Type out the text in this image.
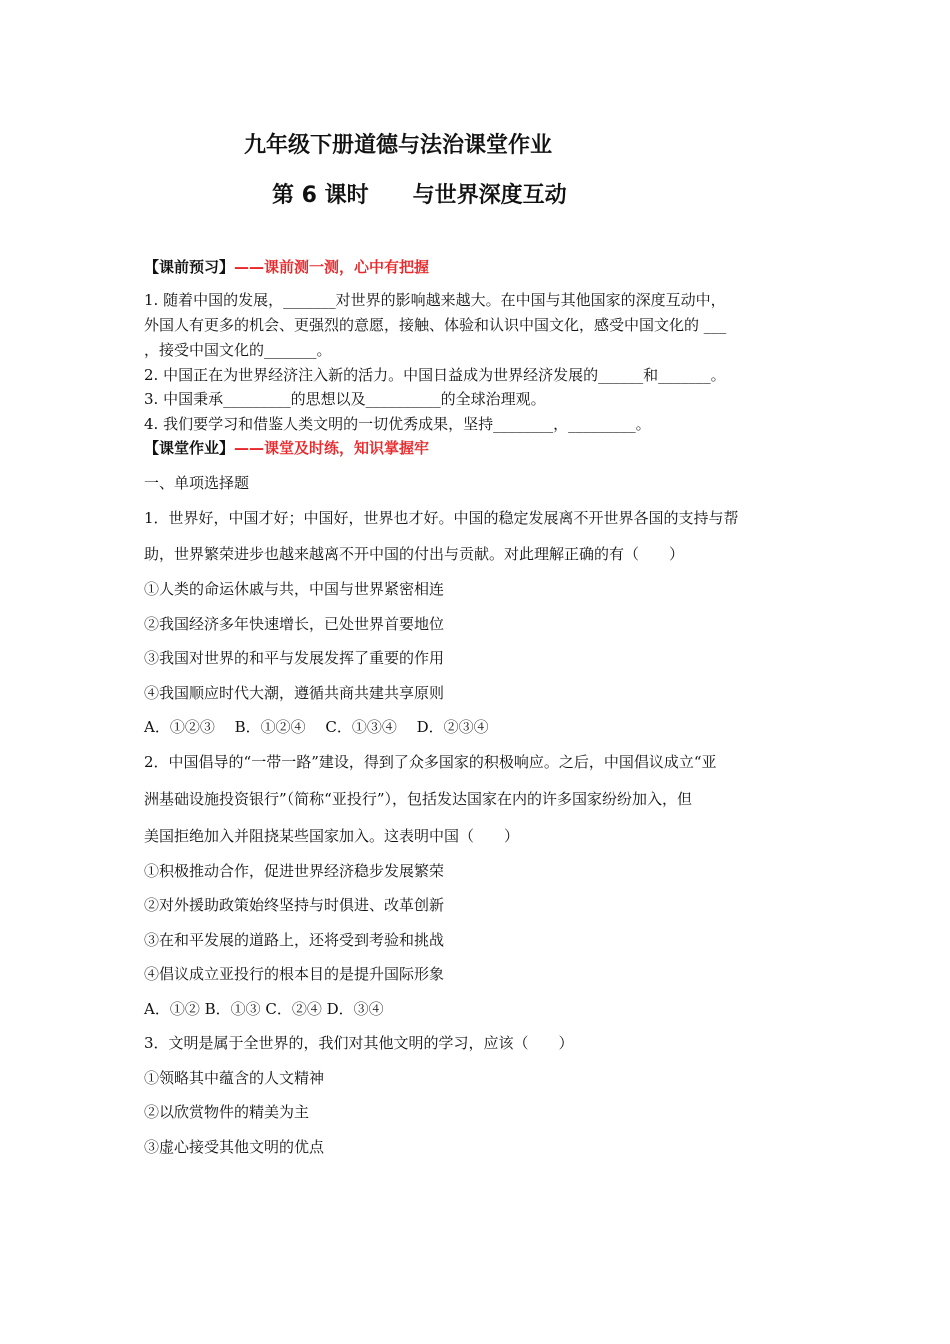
九年级下册道德与法治课堂作业
第 6 课时 与世界深度互动
【课前预习】——课前测一测，心中有把握
1. 随着中国的发展，_______对世界的影响越来越大。在中国与其他国家的深度互动中，
外国人有更多的机会、更强烈的意愿，接触、体验和认识中国文化，感受中国文化的 ___
，接受中国文化的_______。
2. 中国正在为世界经济注入新的活力。中国日益成为世界经济发展的______和_______。
3. 中国秉承_________的思想以及__________的全球治理观。
4. 我们要学习和借鉴人类文明的一切优秀成果，坚持________，_________。
【课堂作业】——课堂及时练，知识掌握牢
一、单项选择题
1．世界好，中国才好；中国好，世界也才好。中国的稳定发展离不开世界各国的支持与帮
助，世界繁荣进步也越来越离不开中国的付出与贡献。对此理解正确的有（　　）
①人类的命运休戚与共，中国与世界紧密相连
②我国经济多年快速增长，已处世界首要地位
③我国对世界的和平与发展发挥了重要的作用
④我国顺应时代大潮，遵循共商共建共享原则
A．①②③　 B．①②④　 C．①③④　 D．②③④
2．中国倡导的“一带一路”建设，得到了众多国家的积极响应。之后，中国倡议成立“亚
洲基础设施投资银行”（简称“亚投行”），包括发达国家在内的许多国家纷纷加入，但
美国拒绝加入并阻挠某些国家加入。这表明中国（　　）
①积极推动合作，促进世界经济稳步发展繁荣
②对外援助政策始终坚持与时俱进、改革创新
③在和平发展的道路上，还将受到考验和挑战
④倡议成立亚投行的根本目的是提升国际形象
A．①② B．①③ C．②④ D．③④
3．文明是属于全世界的，我们对其他文明的学习，应该（　　）
①领略其中蕴含的人文精神
②以欣赏物件的精美为主
③虚心接受其他文明的优点
